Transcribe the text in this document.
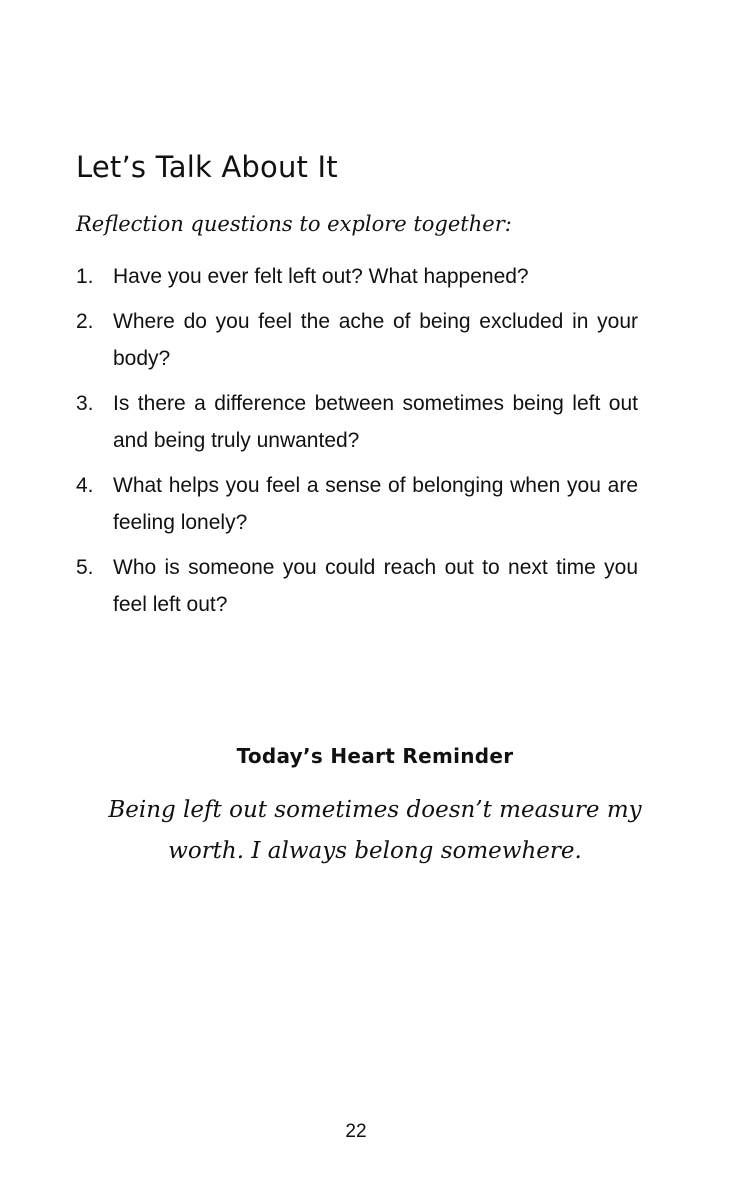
Let’s Talk About It

Reflection questions to explore together:

1. Have you ever felt left out? What happened?
2. Where do you feel the ache of being excluded in your body?
3. Is there a difference between sometimes being left out and being truly unwanted?
4. What helps you feel a sense of belonging when you are feeling lonely?
5. Who is someone you could reach out to next time you feel left out?
Today’s Heart Reminder

Being left out sometimes doesn’t measure my worth. I always belong somewhere.

22
